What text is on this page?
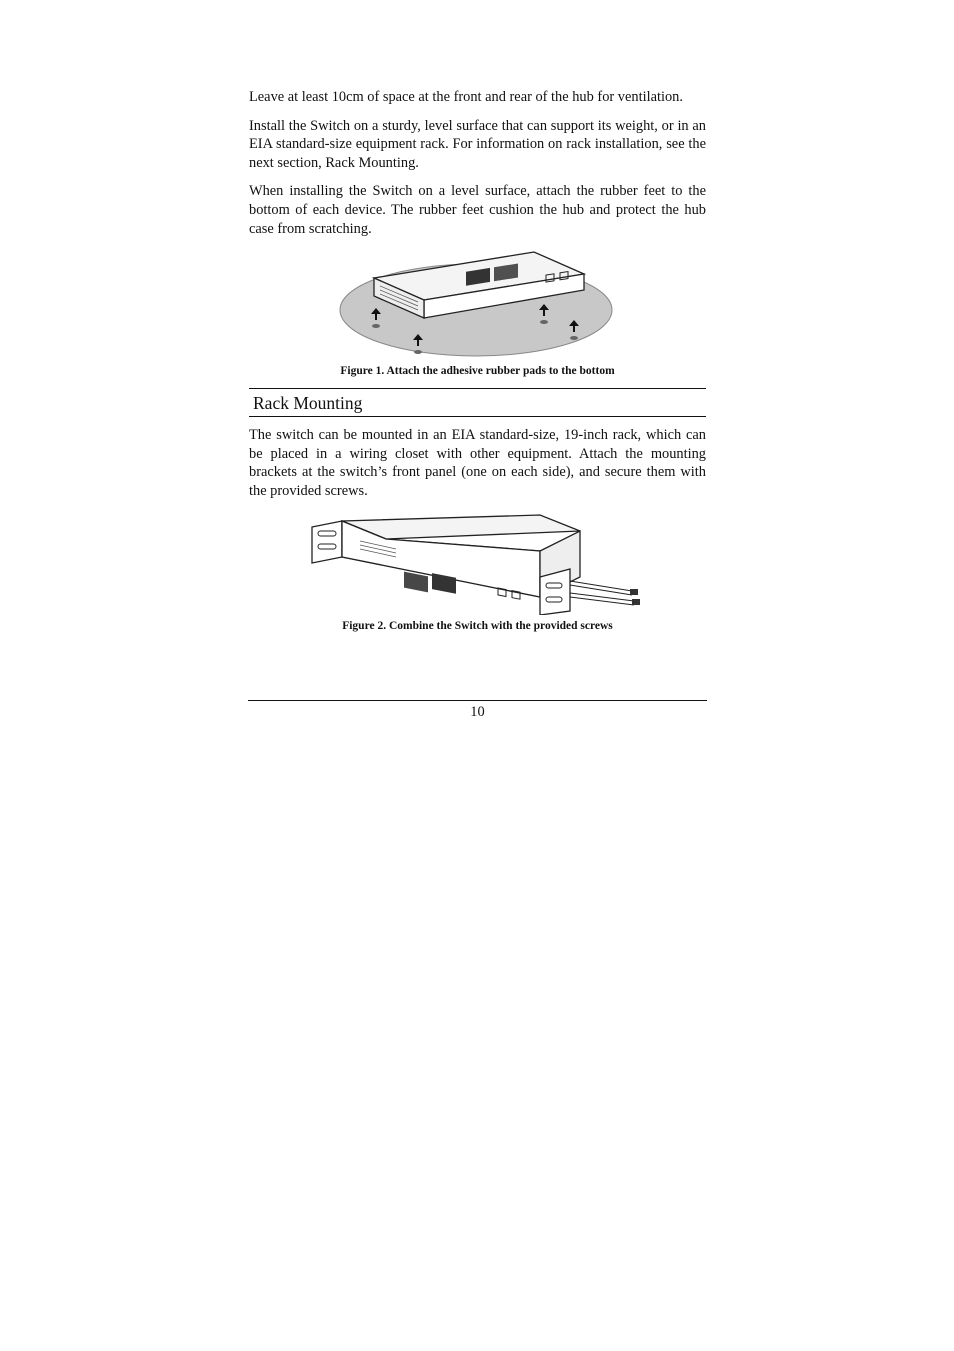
Leave at least 10cm of space at the front and rear of the hub for ventilation.

Install the Switch on a sturdy, level surface that can support its weight, or in an EIA standard-size equipment rack. For information on rack installation, see the next section, Rack Mounting.

When installing the Switch on a level surface, attach the rubber feet to the bottom of each device. The rubber feet cushion the hub and protect the hub case from scratching.

Figure 1. Attach the adhesive rubber pads to the bottom
Rack Mounting

The switch can be mounted in an EIA standard-size, 19-inch rack, which can be placed in a wiring closet with other equipment. Attach the mounting brackets at the switch’s front panel (one on each side), and secure them with the provided screws.

Figure 2. Combine the Switch with the provided screws
10
